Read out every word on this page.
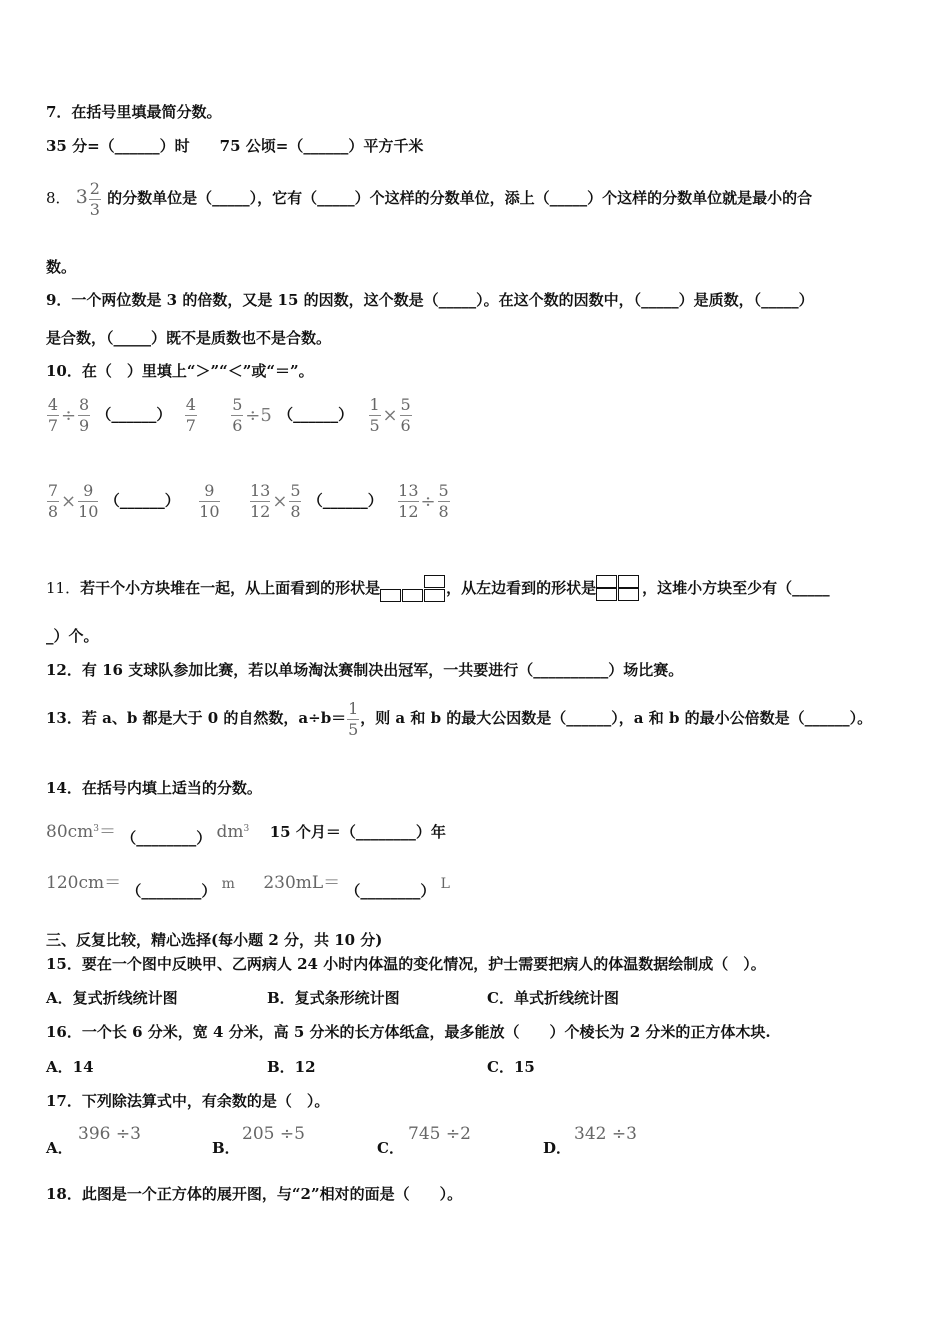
7．在括号里填最简分数。
35 分=（______）时　　75 公顷=（______）平方千米
8． $3 \frac{2}{3}$ 的分数单位是（_____），它有（_____）个这样的分数单位，添上（_____）个这样的分数单位就是最小的合
数。
9．一个两位数是 3 的倍数，又是 15 的因数，这个数是（_____）。在这个数的因数中，（_____）是质数，（_____）
是合数，（_____）既不是质数也不是合数。
10．在（　）里填上“＞”“＜”或“＝”。
$\frac{4}{7} \div \frac{8}{9}$ （______） $\frac{4}{7}$
$\frac{5}{6} \div 5$ （______） $\frac{1}{5} \times \frac{5}{6}$
$\frac{7}{8} \times \frac{9}{10}$ （______） $\frac{9}{10}$
$\frac{13}{12} \times \frac{5}{8}$ （______） $\frac{13}{12} \div \frac{5}{8}$
11．若干个小方块堆在一起，从上面看到的形状是	，从左边看到的形状是	，这堆小方块至少有（_____
_）个。
12．有 16 支球队参加比赛，若以单场淘汰赛制决出冠军，一共要进行（__________）场比赛。
13．若 a、b 都是大于 0 的自然数，$a\div b= \frac{1}{5}$ ，则 a 和 b 的最大公因数是（______），a 和 b 的最小公倍数是（______）。
14．在括号内填上适当的分数。
$80cm^3=$ （________） $dm^3$ 15 个月＝（________）年
120cm＝ （________） m 230mL＝ （________） L
三、反复比较，精心选择(每小题 2 分，共 10 分)
15．要在一个图中反映甲、乙两病人 24 小时内体温的变化情况，护士需要把病人的体温数据绘制成（　）。
A．复式折线统计图	B．复式条形统计图	C．单式折线统计图
16．一个长 6 分米，宽 4 分米，高 5 分米的长方体纸盒，最多能放（　　）个棱长为 2 分米的正方体木块.
A．14	B．12	C．15
17．下列除法算式中，有余数的是（　）。
A．
396 ÷3
B．
205 ÷5
C．
745 ÷2
D．
342 ÷3
18．此图是一个正方体的展开图，与“2”相对的面是（　　）。
